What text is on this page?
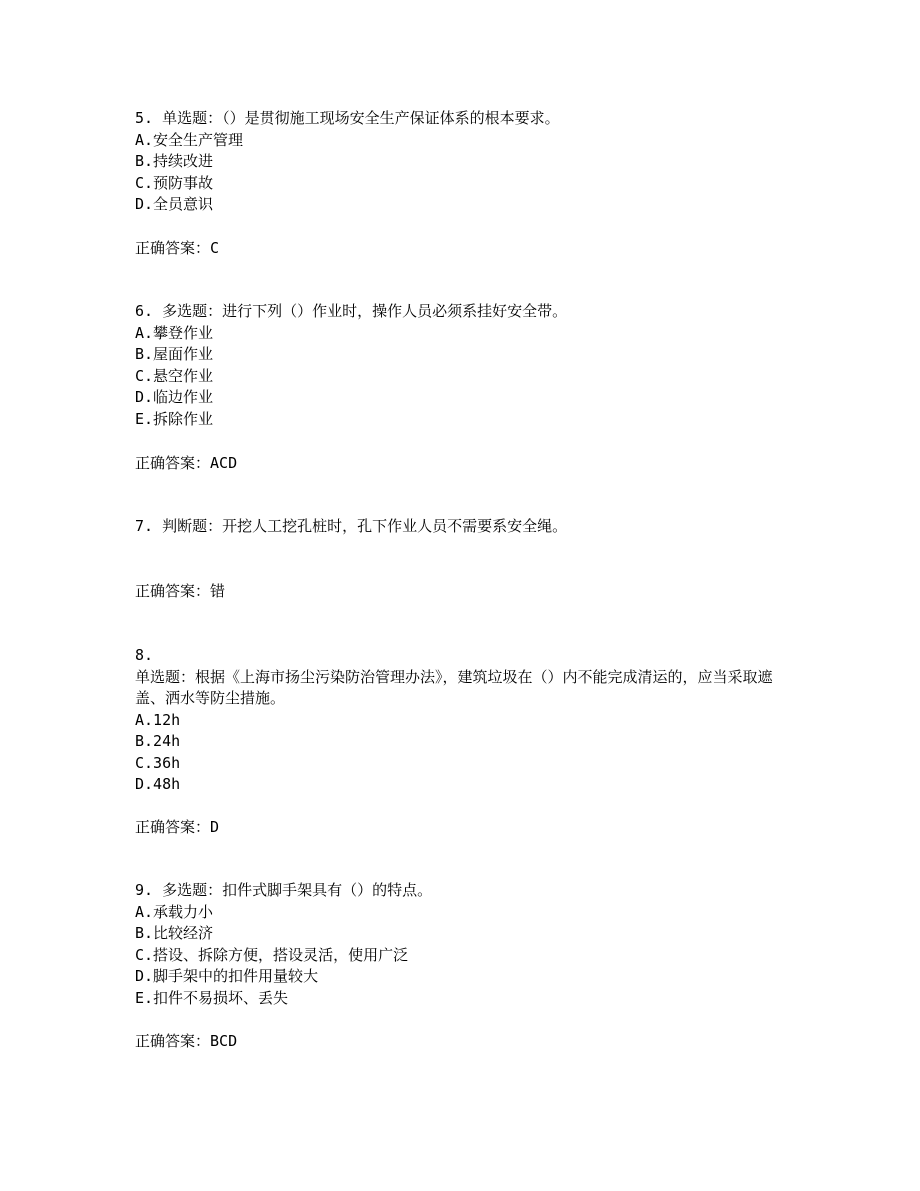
5. 单选题：（）是贯彻施工现场安全生产保证体系的根本要求。
A.安全生产管理
B.持续改进
C.预防事故
D.全员意识
正确答案：C
6. 多选题：进行下列（）作业时，操作人员必须系挂好安全带。
A.攀登作业
B.屋面作业
C.悬空作业
D.临边作业
E.拆除作业
正确答案：ACD
7. 判断题：开挖人工挖孔桩时，孔下作业人员不需要系安全绳。
正确答案：错
8.
单选题：根据《上海市扬尘污染防治管理办法》，建筑垃圾在（）内不能完成清运的，应当采取遮盖、洒水等防尘措施。
A.12h
B.24h
C.36h
D.48h
正确答案：D
9. 多选题：扣件式脚手架具有（）的特点。
A.承载力小
B.比较经济
C.搭设、拆除方便，搭设灵活，使用广泛
D.脚手架中的扣件用量较大
E.扣件不易损坏、丢失
正确答案：BCD
